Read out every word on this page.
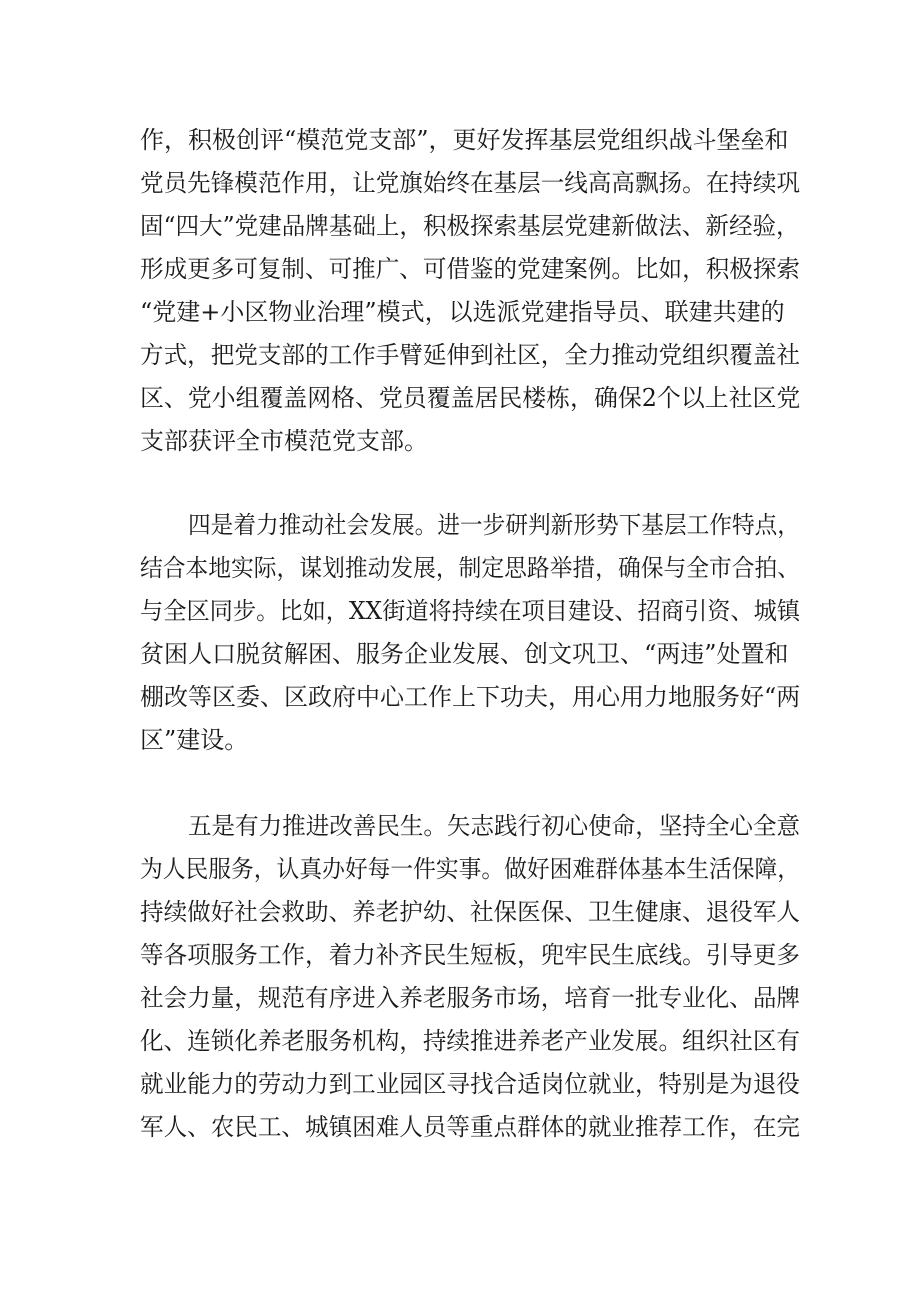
作，积极创评“模范党支部”，更好发挥基层党组织战斗堡垒和
党员先锋模范作用，让党旗始终在基层一线高高飘扬。在持续巩
固“四大”党建品牌基础上，积极探索基层党建新做法、新经验，
形成更多可复制、可推广、可借鉴的党建案例。比如，积极探索
“党建+小区物业治理”模式，以选派党建指导员、联建共建的
方式，把党支部的工作手臂延伸到社区，全力推动党组织覆盖社
区、党小组覆盖网格、党员覆盖居民楼栋，确保2个以上社区党
支部获评全市模范党支部。
四是着力推动社会发展。进一步研判新形势下基层工作特点，
结合本地实际，谋划推动发展，制定思路举措，确保与全市合拍、
与全区同步。比如，XX街道将持续在项目建设、招商引资、城镇
贫困人口脱贫解困、服务企业发展、创文巩卫、“两违”处置和
棚改等区委、区政府中心工作上下功夫，用心用力地服务好“两
区”建设。
五是有力推进改善民生。矢志践行初心使命，坚持全心全意
为人民服务，认真办好每一件实事。做好困难群体基本生活保障，
持续做好社会救助、养老护幼、社保医保、卫生健康、退役军人
等各项服务工作，着力补齐民生短板，兜牢民生底线。引导更多
社会力量，规范有序进入养老服务市场，培育一批专业化、品牌
化、连锁化养老服务机构，持续推进养老产业发展。组织社区有
就业能力的劳动力到工业园区寻找合适岗位就业，特别是为退役
军人、农民工、城镇困难人员等重点群体的就业推荐工作，在完
